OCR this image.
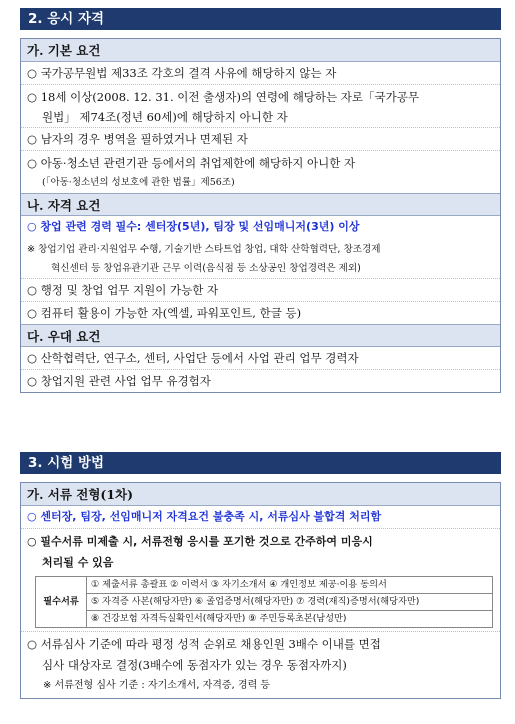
2. 응시 자격
가. 기본 요건
○ 국가공무원법 제33조 각호의 결격 사유에 해당하지 않는 자
○ 18세 이상(2008. 12. 31. 이전 출생자)의 연령에 해당하는 자로「국가공무
원법」 제74조(정년 60세)에 해당하지 아니한 자
○ 남자의 경우 병역을 필하였거나 면제된 자
○ 아동·청소년 관련기관 등에서의 취업제한에 해당하지 아니한 자
(「아동·청소년의 성보호에 관한 법률」제56조)
나. 자격 요건
○ 창업 관련 경력 필수: 센터장(5년), 팀장 및 선임매니저(3년) 이상
※ 창업기업 관리·지원업무 수행, 기술기반 스타트업 창업, 대학 산학협력단, 창조경제
혁신센터 등 창업유관기관 근무 이력(음식점 등 소상공인 창업경력은 제외)
○ 행정 및 창업 업무 지원이 가능한 자
○ 컴퓨터 활용이 가능한 자(엑셀, 파워포인트, 한글 등)
다. 우대 요건
○ 산학협력단, 연구소, 센터, 사업단 등에서 사업 관리 업무 경력자
○ 창업지원 관련 사업 업무 유경험자
3. 시험 방법
가. 서류 전형(1차)
○ 센터장, 팀장, 선임매니저 자격요건 불충족 시, 서류심사 불합격 처리함
○ 필수서류 미제출 시, 서류전형 응시를 포기한 것으로 간주하여 미응시
처리될 수 있음
필수서류	① 제출서류 총괄표 ② 이력서 ③ 자기소개서 ④ 개인정보 제공·이용 동의서
⑤ 자격증 사본(해당자만) ⑥ 졸업증명서(해당자만) ⑦ 경력(재직)증명서(해당자만)
⑧ 건강보험 자격득실확인서(해당자만) ⑨ 주민등록초본(남성만)
○ 서류심사 기준에 따라 평정 성적 순위로 채용인원 3배수 이내를 면접
심사 대상자로 결정(3배수에 동점자가 있는 경우 동점자까지)
※ 서류전형 심사 기준 : 자기소개서, 자격증, 경력 등
